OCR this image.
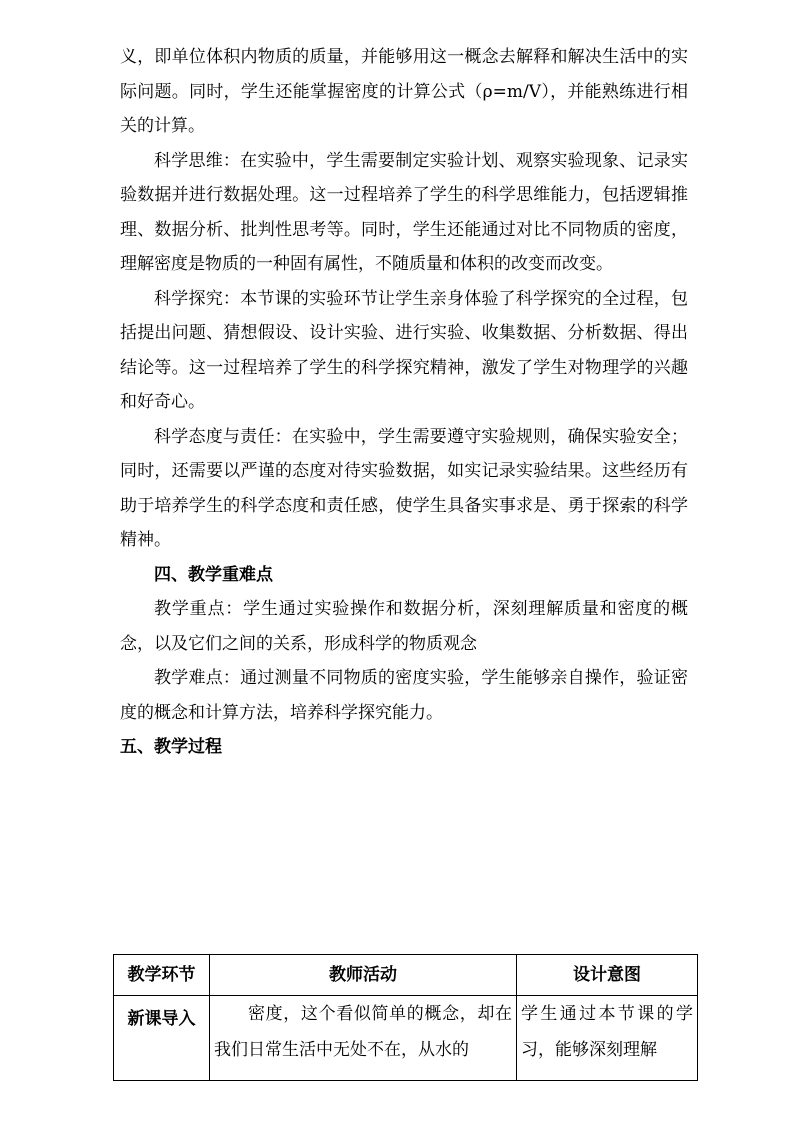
义，即单位体积内物质的质量，并能够用这一概念去解释和解决生活中的实际问题。同时，学生还能掌握密度的计算公式（ρ=m/V），并能熟练进行相关的计算。

科学思维：在实验中，学生需要制定实验计划、观察实验现象、记录实验数据并进行数据处理。这一过程培养了学生的科学思维能力，包括逻辑推理、数据分析、批判性思考等。同时，学生还能通过对比不同物质的密度，理解密度是物质的一种固有属性，不随质量和体积的改变而改变。

科学探究：本节课的实验环节让学生亲身体验了科学探究的全过程，包括提出问题、猜想假设、设计实验、进行实验、收集数据、分析数据、得出结论等。这一过程培养了学生的科学探究精神，激发了学生对物理学的兴趣和好奇心。

科学态度与责任：在实验中，学生需要遵守实验规则，确保实验安全；同时，还需要以严谨的态度对待实验数据，如实记录实验结果。这些经历有助于培养学生的科学态度和责任感，使学生具备实事求是、勇于探索的科学精神。

四、教学重难点

教学重点：学生通过实验操作和数据分析，深刻理解质量和密度的概念，以及它们之间的关系，形成科学的物质观念

教学难点：通过测量不同物质的密度实验，学生能够亲自操作，验证密度的概念和计算方法，培养科学探究能力。

五、教学过程
教学环节	教师活动	设计意图
新课导入	密度，这个看似简单的概念，却在我们日常生活中无处不在，从水的	学生通过本节课的学习，能够深刻理解
